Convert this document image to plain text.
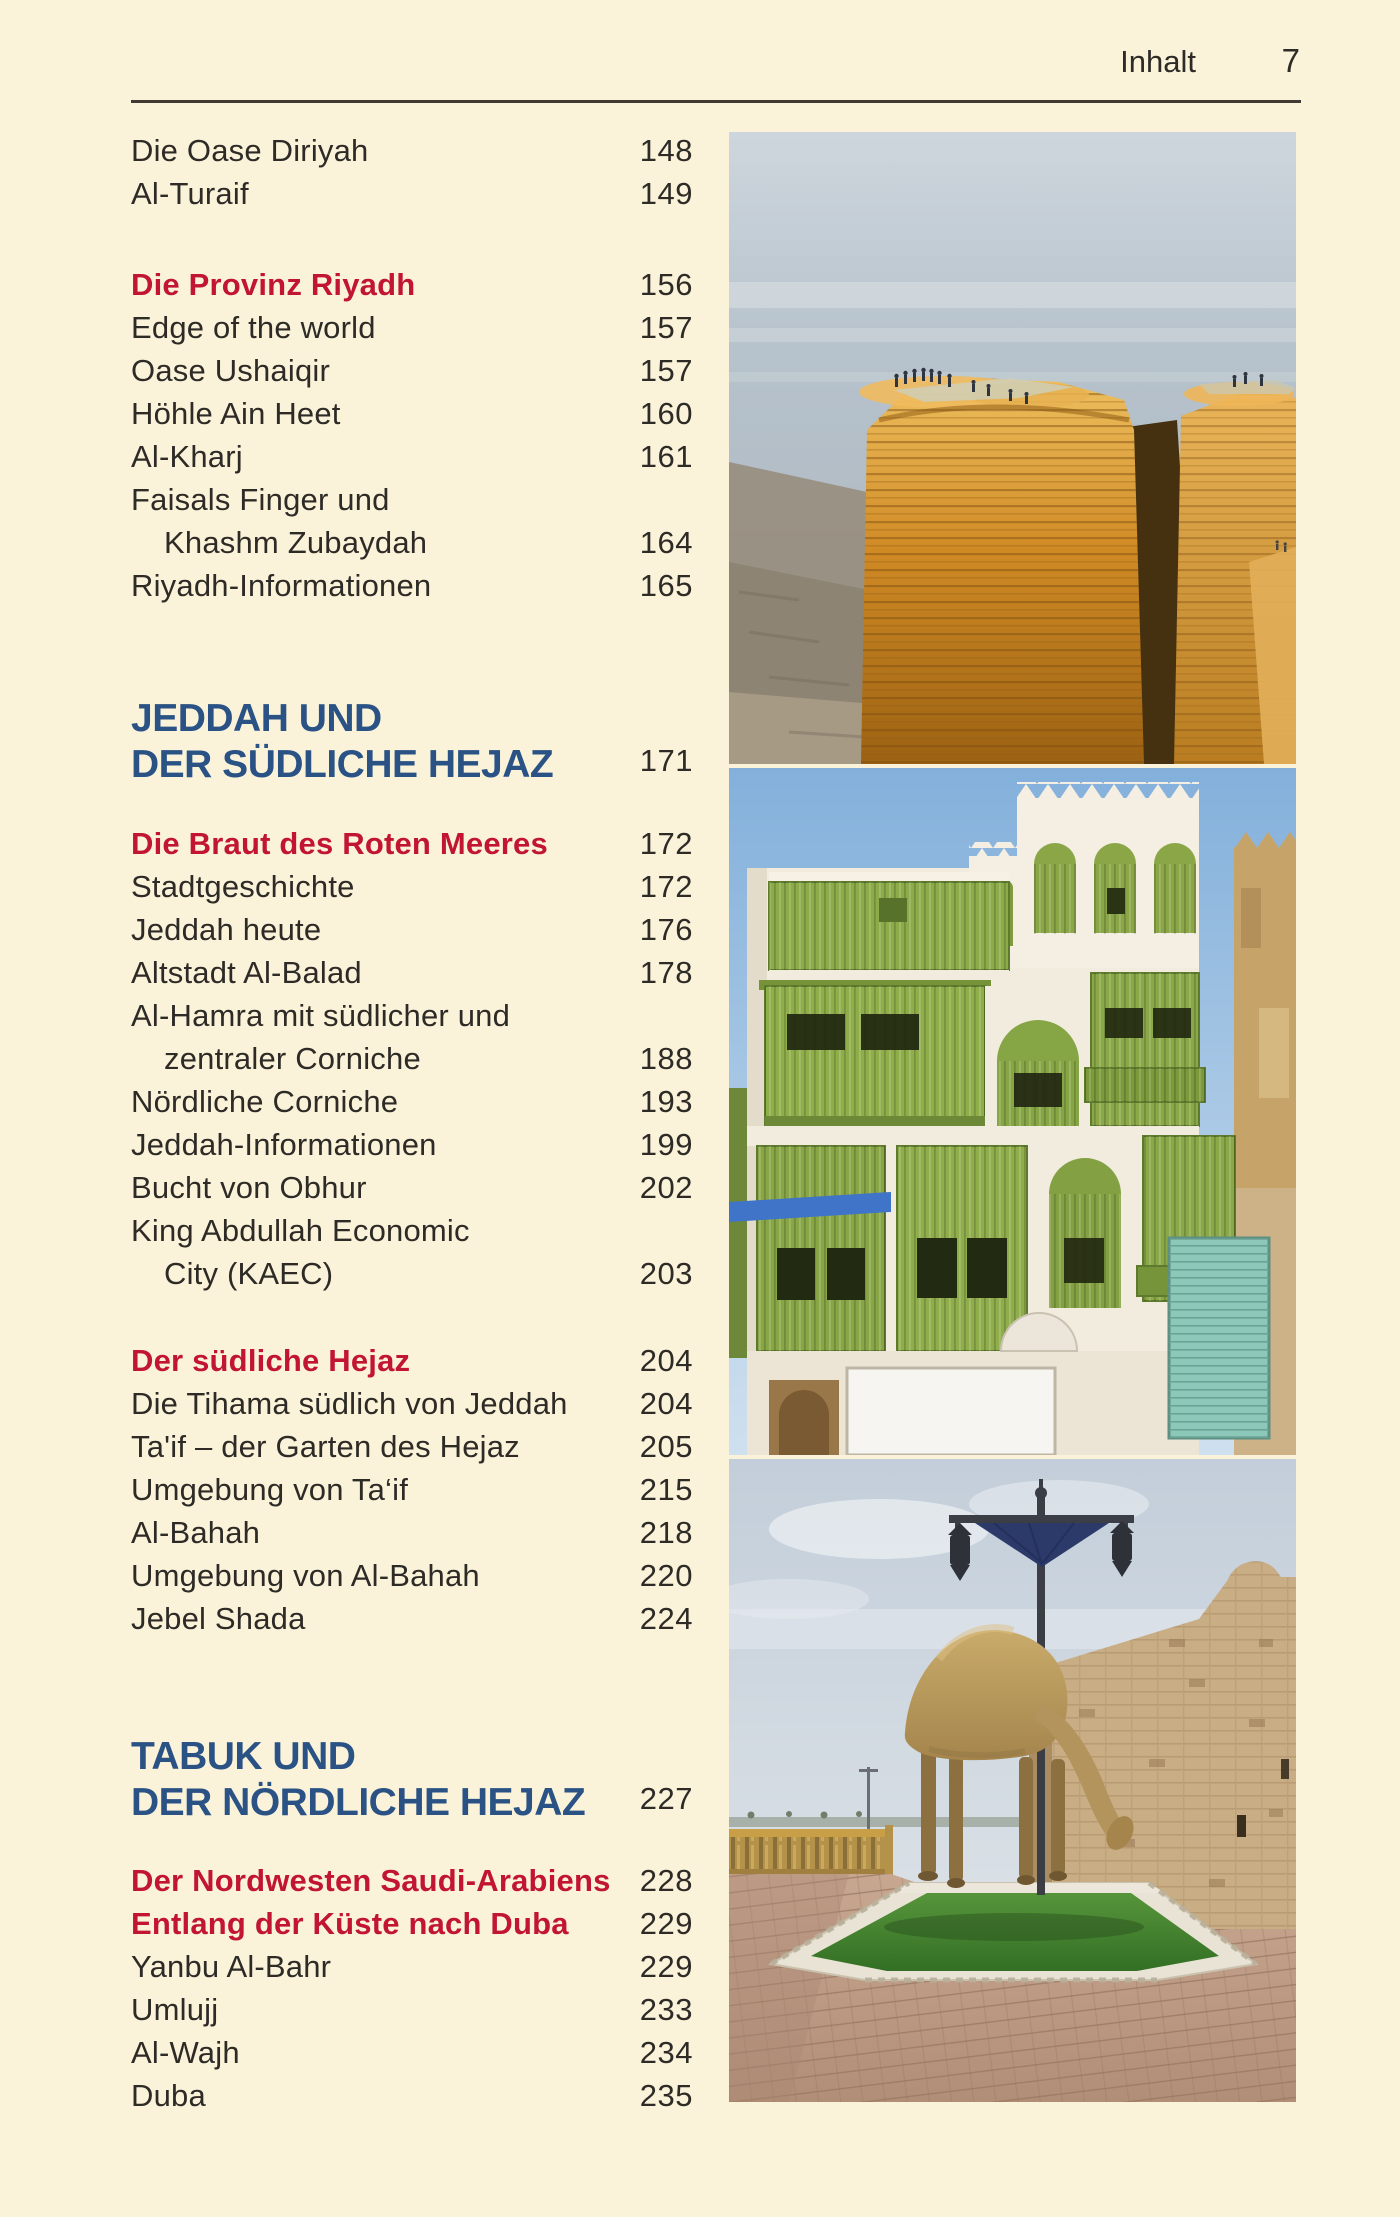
Inhalt	7
Die Oase Diriyah	148
Al-Turaif	149
Die Provinz Riyadh	156
Edge of the world	157
Oase Ushaiqir	157
Höhle Ain Heet	160
Al-Kharj	161
Faisals Finger und
Khashm Zubaydah	164
Riyadh-Informationen	165
JEDDAH UND
DER SÜDLICHE HEJAZ	171
Die Braut des Roten Meeres	172
Stadtgeschichte	172
Jeddah heute	176
Altstadt Al-Balad	178
Al-Hamra mit südlicher und
zentraler Corniche	188
Nördliche Corniche	193
Jeddah-Informationen	199
Bucht von Obhur	202
King Abdullah Economic
City (KAEC)	203
Der südliche Hejaz	204
Die Tihama südlich von Jeddah 204
Ta'if – der Garten des Hejaz	205
Umgebung von Ta‘if	215
Al-Bahah	218
Umgebung von Al-Bahah	220
Jebel Shada	224
TABUK UND
DER NÖRDLICHE HEJAZ 227
Der Nordwesten Saudi-Arabiens 228
Entlang der Küste nach Duba 229
Yanbu Al-Bahr	229
Umlujj	233
Al-Wajh	234
Duba	235
